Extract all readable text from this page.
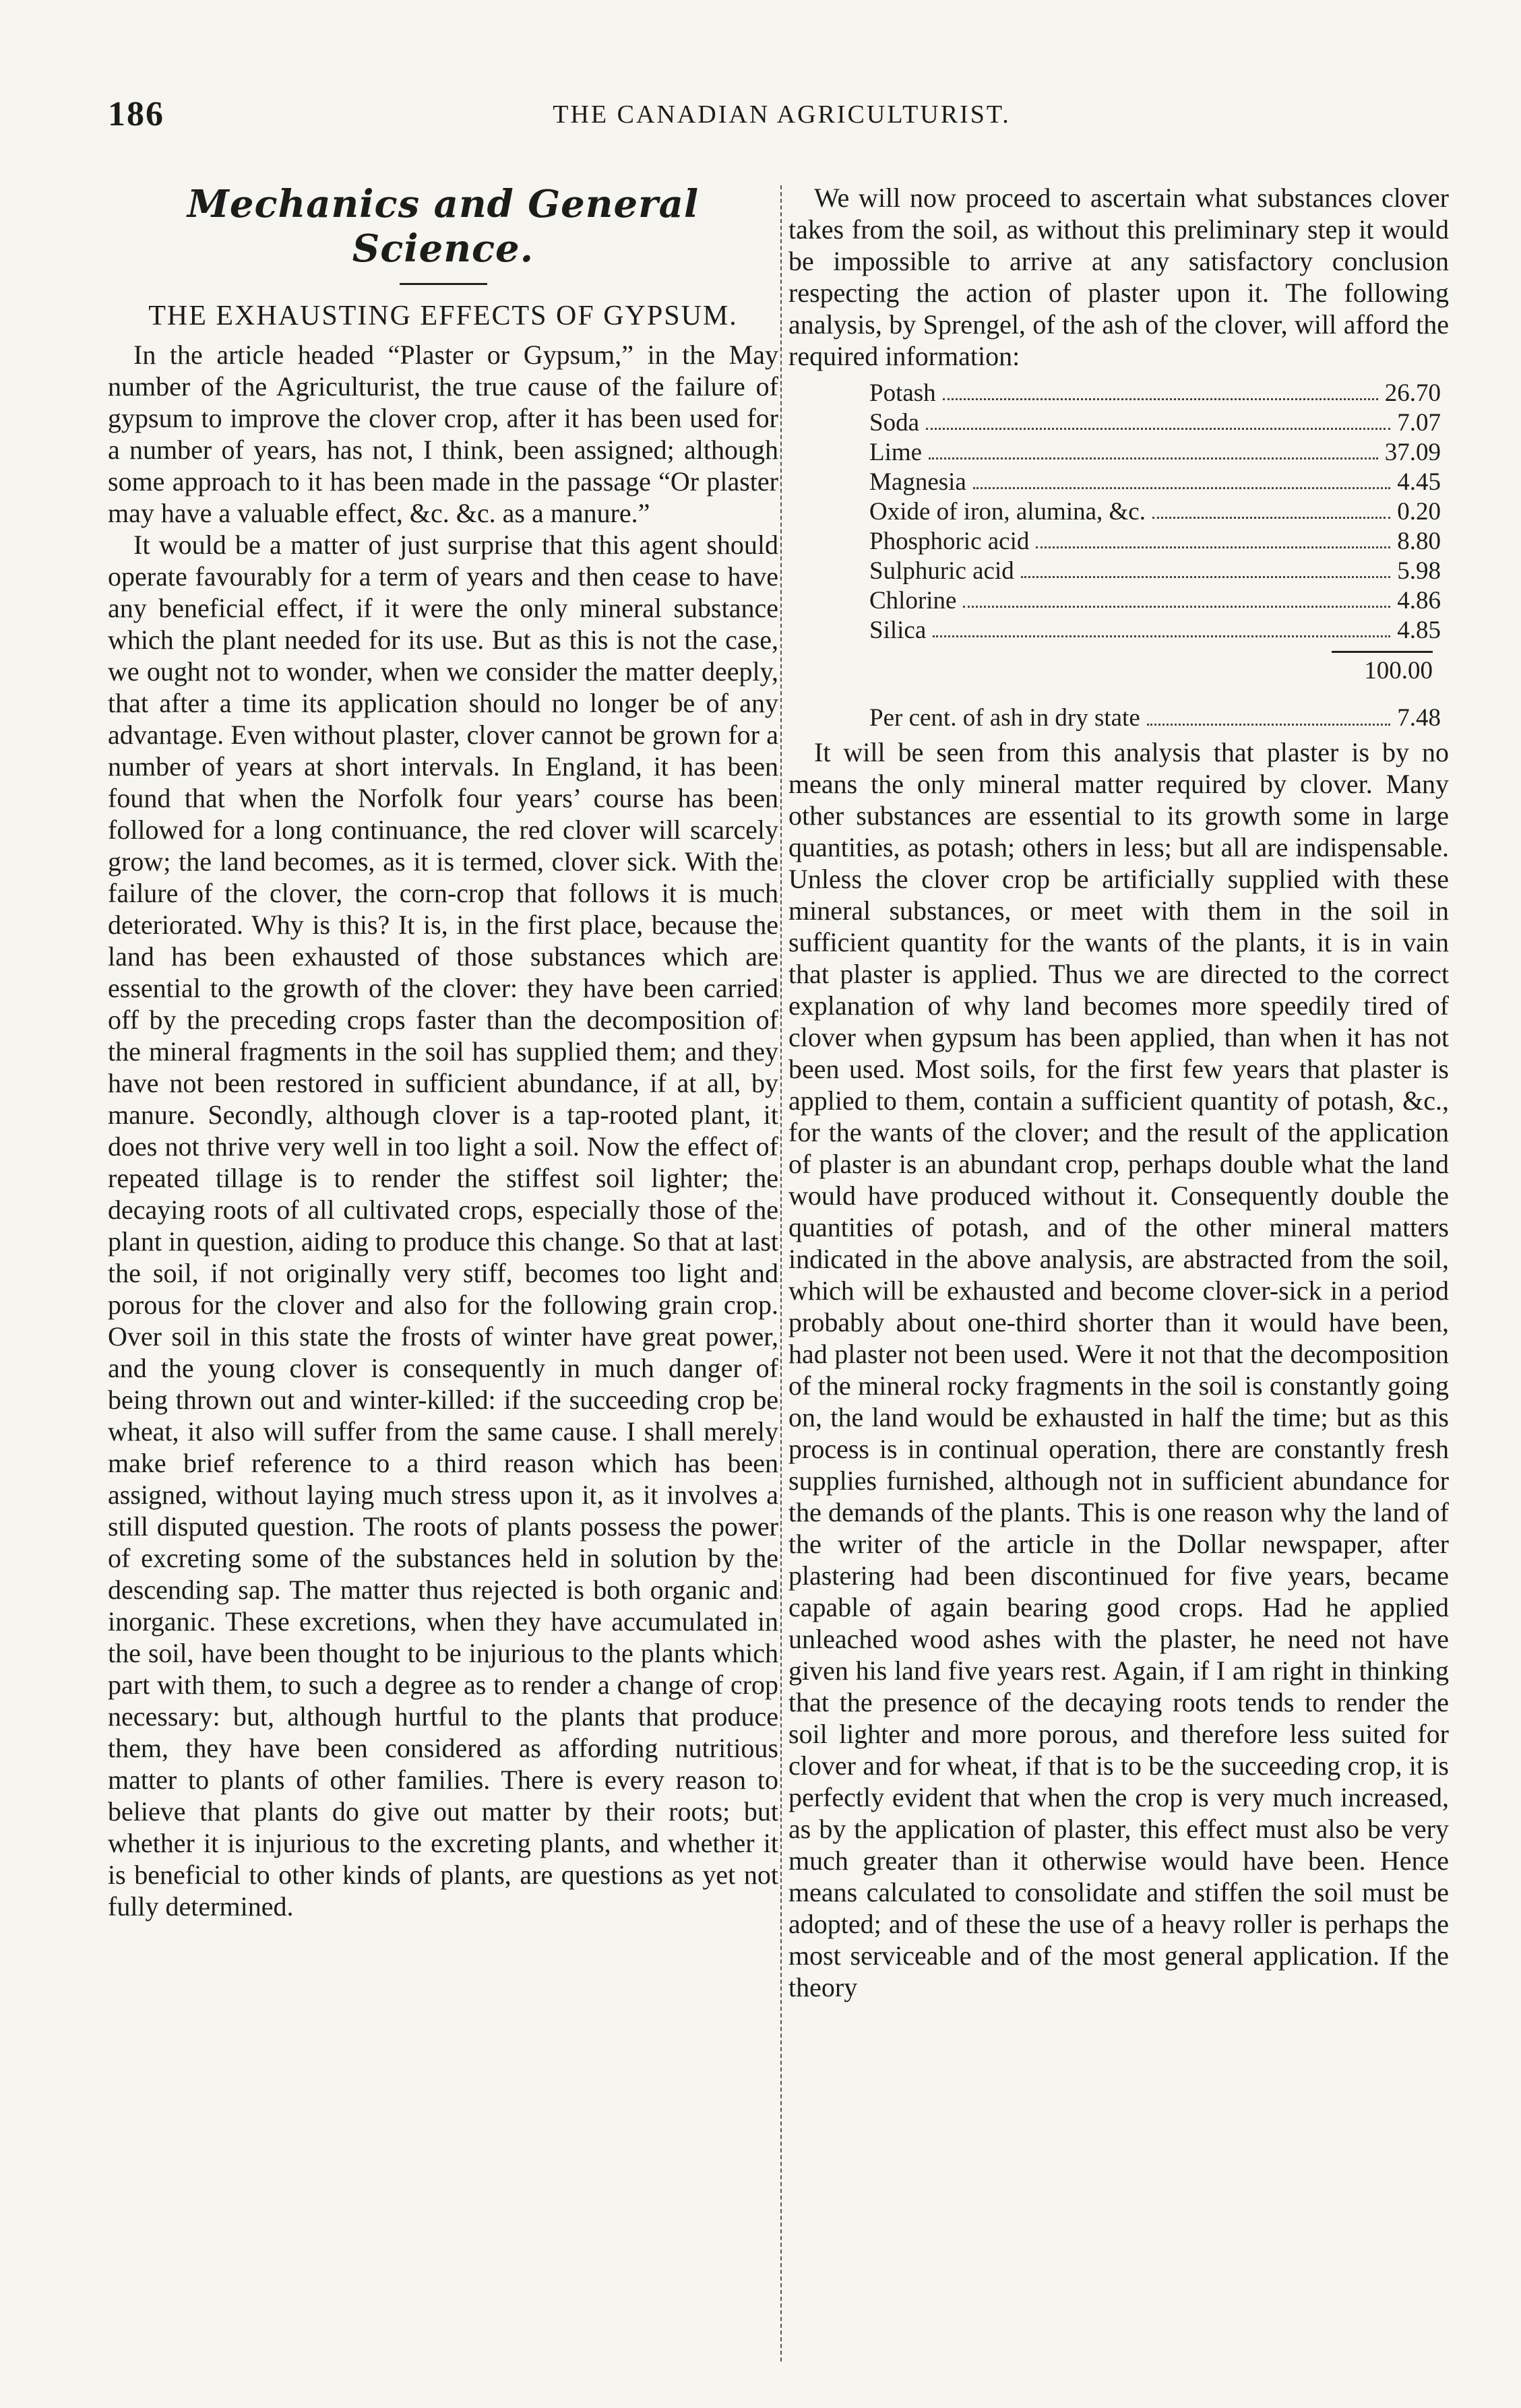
186	THE CANADIAN AGRICULTURIST.
Mechanics and General Science.
THE EXHAUSTING EFFECTS OF GYPSUM.

In the article headed “Plaster or Gypsum,” in the May number of the Agriculturist, the true cause of the failure of gypsum to improve the clover crop, after it has been used for a number of years, has not, I think, been assigned; although some approach to it has been made in the passage “Or plaster may have a valuable effect, &c. &c. as a manure.”

It would be a matter of just surprise that this agent should operate favourably for a term of years and then cease to have any beneficial effect, if it were the only mineral substance which the plant needed for its use. But as this is not the case, we ought not to wonder, when we consider the matter deeply, that after a time its application should no longer be of any advantage. Even without plaster, clover cannot be grown for a number of years at short intervals. In England, it has been found that when the Norfolk four years’ course has been followed for a long continuance, the red clover will scarcely grow; the land becomes, as it is termed, clover sick. With the failure of the clover, the corn-crop that follows it is much deteriorated. Why is this? It is, in the first place, because the land has been exhausted of those substances which are essential to the growth of the clover: they have been carried off by the preceding crops faster than the decomposition of the mineral fragments in the soil has supplied them; and they have not been restored in sufficient abundance, if at all, by manure. Secondly, although clover is a tap-rooted plant, it does not thrive very well in too light a soil. Now the effect of repeated tillage is to render the stiffest soil lighter; the decaying roots of all cultivated crops, especially those of the plant in question, aiding to produce this change. So that at last the soil, if not originally very stiff, becomes too light and porous for the clover and also for the following grain crop. Over soil in this state the frosts of winter have great power, and the young clover is consequently in much danger of being thrown out and winter-killed: if the succeeding crop be wheat, it also will suffer from the same cause. I shall merely make brief reference to a third reason which has been assigned, without laying much stress upon it, as it involves a still disputed question. The roots of plants possess the power of excreting some of the substances held in solution by the descending sap. The matter thus rejected is both organic and inorganic. These excretions, when they have accumulated in the soil, have been thought to be injurious to the plants which part with them, to such a degree as to render a change of crop necessary: but, although hurtful to the plants that produce them, they have been considered as affording nutritious matter to plants of other families. There is every reason to believe that plants do give out matter by their roots; but whether it is injurious to the excreting plants, and whether it is beneficial to other kinds of plants, are questions as yet not fully determined.

We will now proceed to ascertain what substances clover takes from the soil, as without this preliminary step it would be impossible to arrive at any satisfactory conclusion respecting the action of plaster upon it. The following analysis, by Sprengel, of the ash of the clover, will afford the required information:

Potash	26.70
Soda	7.07
Lime	37.09
Magnesia	4.45
Oxide of iron, alumina, &c.	0.20
Phosphoric acid	8.80
Sulphuric acid	5.98
Chlorine	4.86
Silica	4.85
100.00
Per cent. of ash in dry state	7.48

It will be seen from this analysis that plaster is by no means the only mineral matter required by clover. Many other substances are essential to its growth some in large quantities, as potash; others in less; but all are indispensable. Unless the clover crop be artificially supplied with these mineral substances, or meet with them in the soil in sufficient quantity for the wants of the plants, it is in vain that plaster is applied. Thus we are directed to the correct explanation of why land becomes more speedily tired of clover when gypsum has been applied, than when it has not been used. Most soils, for the first few years that plaster is applied to them, contain a sufficient quantity of potash, &c., for the wants of the clover; and the result of the application of plaster is an abundant crop, perhaps double what the land would have produced without it. Consequently double the quantities of potash, and of the other mineral matters indicated in the above analysis, are abstracted from the soil, which will be exhausted and become clover-sick in a period probably about one-third shorter than it would have been, had plaster not been used. Were it not that the decomposition of the mineral rocky fragments in the soil is constantly going on, the land would be exhausted in half the time; but as this process is in continual operation, there are constantly fresh supplies furnished, although not in sufficient abundance for the demands of the plants. This is one reason why the land of the writer of the article in the Dollar newspaper, after plastering had been discontinued for five years, became capable of again bearing good crops. Had he applied unleached wood ashes with the plaster, he need not have given his land five years rest. Again, if I am right in thinking that the presence of the decaying roots tends to render the soil lighter and more porous, and therefore less suited for clover and for wheat, if that is to be the succeeding crop, it is perfectly evident that when the crop is very much increased, as by the application of plaster, this effect must also be very much greater than it otherwise would have been. Hence means calculated to consolidate and stiffen the soil must be adopted; and of these the use of a heavy roller is perhaps the most serviceable and of the most general application. If the theory
